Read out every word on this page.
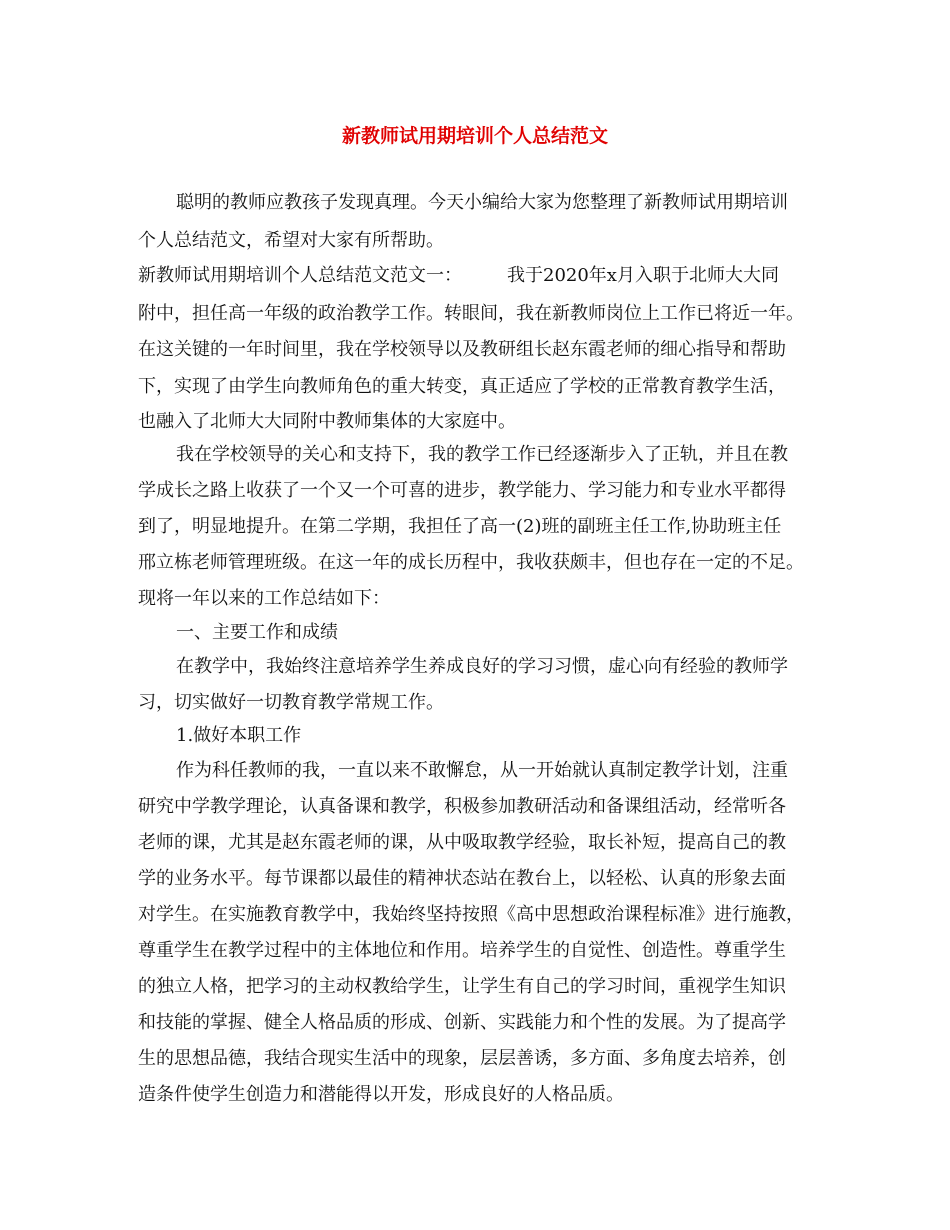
新教师试用期培训个人总结范文
聪明的教师应教孩子发现真理。今天小编给大家为您整理了新教师试用期培训
个人总结范文，希望对大家有所帮助。
新教师试用期培训个人总结范文范文一：　　　我于2020年x月入职于北师大大同
附中，担任高一年级的政治教学工作。转眼间，我在新教师岗位上工作已将近一年。
在这关键的一年时间里，我在学校领导以及教研组长赵东霞老师的细心指导和帮助
下，实现了由学生向教师角色的重大转变，真正适应了学校的正常教育教学生活，
也融入了北师大大同附中教师集体的大家庭中。
我在学校领导的关心和支持下，我的教学工作已经逐渐步入了正轨，并且在教
学成长之路上收获了一个又一个可喜的进步，教学能力、学习能力和专业水平都得
到了，明显地提升。在第二学期，我担任了高一(2)班的副班主任工作,协助班主任
邢立栋老师管理班级。在这一年的成长历程中，我收获颇丰，但也存在一定的不足。
现将一年以来的工作总结如下：
一、主要工作和成绩
在教学中，我始终注意培养学生养成良好的学习习惯，虚心向有经验的教师学
习，切实做好一切教育教学常规工作。
1.做好本职工作
作为科任教师的我，一直以来不敢懈怠，从一开始就认真制定教学计划，注重
研究中学教学理论，认真备课和教学，积极参加教研活动和备课组活动，经常听各
老师的课，尤其是赵东霞老师的课，从中吸取教学经验，取长补短，提高自己的教
学的业务水平。每节课都以最佳的精神状态站在教台上，以轻松、认真的形象去面
对学生。在实施教育教学中，我始终坚持按照《高中思想政治课程标准》进行施教，
尊重学生在教学过程中的主体地位和作用。培养学生的自觉性、创造性。尊重学生
的独立人格，把学习的主动权教给学生，让学生有自己的学习时间，重视学生知识
和技能的掌握、健全人格品质的形成、创新、实践能力和个性的发展。为了提高学
生的思想品德，我结合现实生活中的现象，层层善诱，多方面、多角度去培养，创
造条件使学生创造力和潜能得以开发，形成良好的人格品质。
